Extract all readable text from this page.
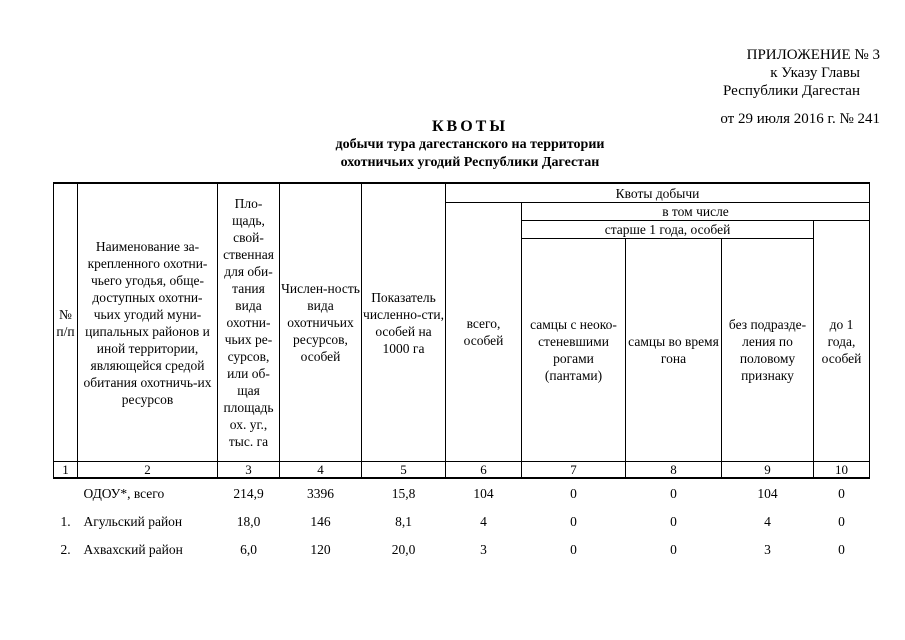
ПРИЛОЖЕНИЕ № 3
к Указу Главы
Республики Дагестан
от 29 июля 2016 г. № 241
КВОТЫ
добычи тура дагестанского на территории
охотничьих угодий Республики Дагестан
№ п/п	Наименование за-крепленного охотни-чьего угодья, обще-доступных охотни-чьих угодий муни-ципальных районов и иной территории, являющейся средой обитания охотничь-их ресурсов	Пло-щадь, свой-ственная для оби-тания вида охотни-чьих ре-сурсов, или об-щая площадь ох. уг., тыс. га	Числен-ность вида охотничьих ресурсов, особей	Показатель численно-сти, особей на 1000 га	Квоты добычи				
					всего, особей	в том числе			
						старше 1 года, особей			до 1 года, особей
						самцы с неоко-стеневшими рогами (пантами)	самцы во время гона	без подразде-ления по половому признаку	
1	2	3	4	5	6	7	8	9	10
	ОДОУ*, всего	214,9	3396	15,8	104	0	0	104	0
1.	Агульский район	18,0	146	8,1	4	0	0	4	0
2.	Ахвахский район	6,0	120	20,0	3	0	0	3	0
